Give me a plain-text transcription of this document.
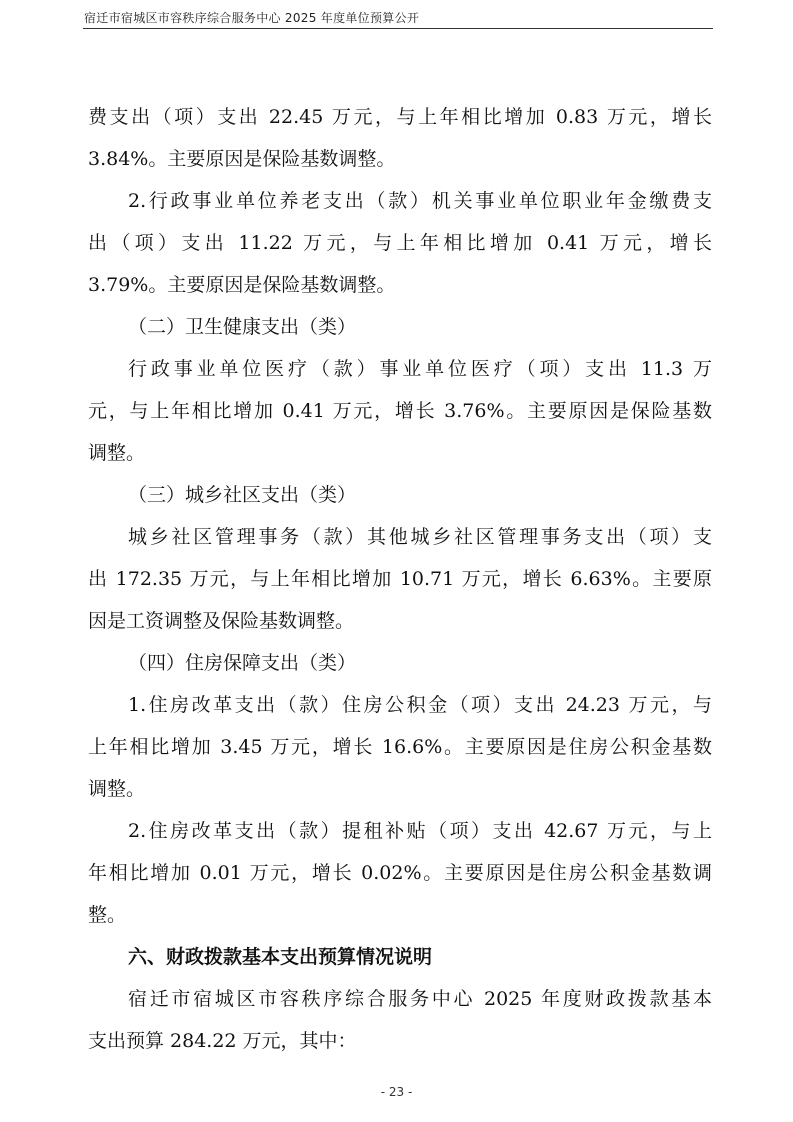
宿迁市宿城区市容秩序综合服务中心 2025 年度单位预算公开
费支出（项）支出 22.45 万元，与上年相比增加 0.83 万元，增长
3.84%。主要原因是保险基数调整。
2.行政事业单位养老支出（款）机关事业单位职业年金缴费支
出（项）支出 11.22 万元，与上年相比增加 0.41 万元，增长
3.79%。主要原因是保险基数调整。
（二）卫生健康支出（类）
行政事业单位医疗（款）事业单位医疗（项）支出 11.3 万
元，与上年相比增加 0.41 万元，增长 3.76%。主要原因是保险基数
调整。
（三）城乡社区支出（类）
城乡社区管理事务（款）其他城乡社区管理事务支出（项）支
出 172.35 万元，与上年相比增加 10.71 万元，增长 6.63%。主要原
因是工资调整及保险基数调整。
（四）住房保障支出（类）
1.住房改革支出（款）住房公积金（项）支出 24.23 万元，与
上年相比增加 3.45 万元，增长 16.6%。主要原因是住房公积金基数
调整。
2.住房改革支出（款）提租补贴（项）支出 42.67 万元，与上
年相比增加 0.01 万元，增长 0.02%。主要原因是住房公积金基数调
整。
六、财政拨款基本支出预算情况说明
宿迁市宿城区市容秩序综合服务中心 2025 年度财政拨款基本
支出预算 284.22 万元，其中：
- 23 -
